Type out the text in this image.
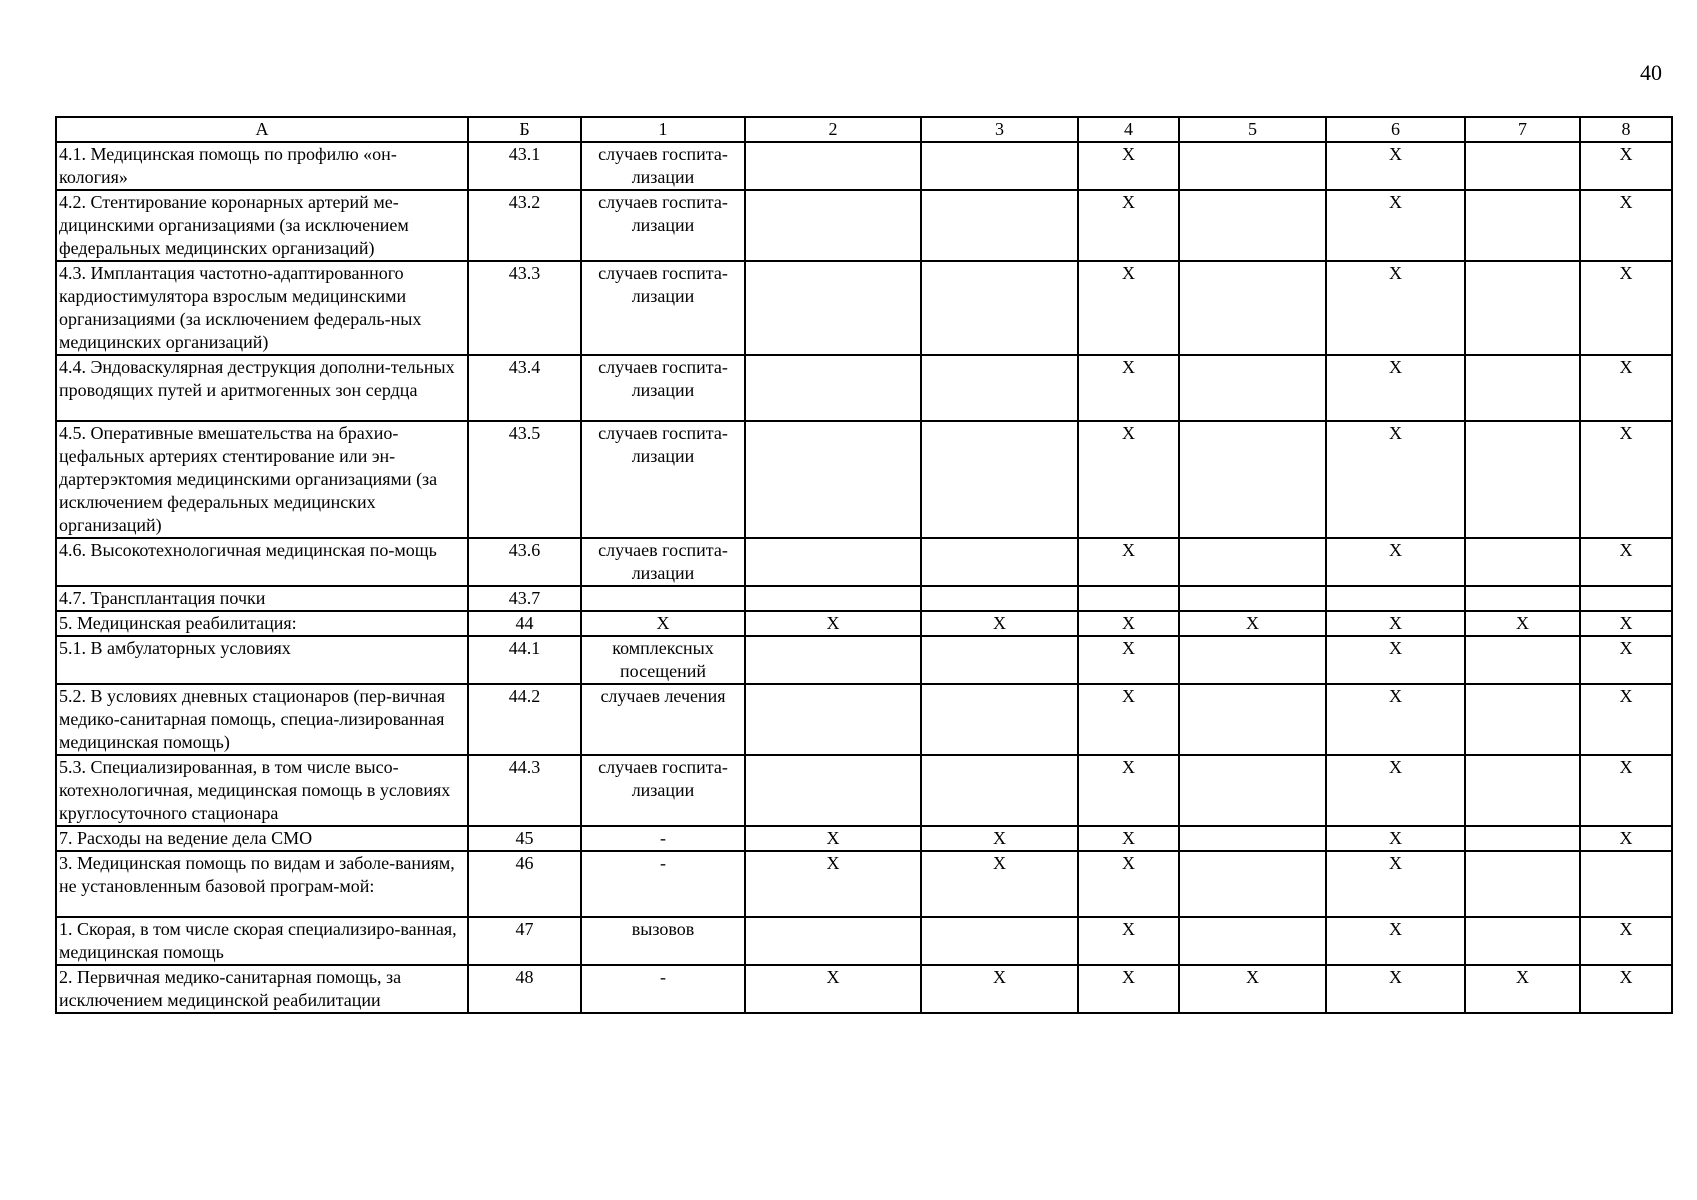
40
А	Б	1	2	3	4	5	6	7	8
4.1. Медицинская помощь по профилю «он-кология»	43.1	случаев госпита-лизации			X		X		X
4.2. Стентирование коронарных артерий ме-дицинскими организациями (за исключением федеральных медицинских организаций)	43.2	случаев госпита-лизации			X		X		X
4.3. Имплантация частотно-адаптированного кардиостимулятора взрослым медицинскими организациями (за исключением федераль-ных медицинских организаций)	43.3	случаев госпита-лизации			X		X		X
4.4. Эндоваскулярная деструкция дополни-тельных проводящих путей и аритмогенных зон сердца	43.4	случаев госпита-лизации			X		X		X
4.5. Оперативные вмешательства на брахио-цефальных артериях стентирование или эн-дартерэктомия медицинскими организациями (за исключением федеральных медицинских организаций)	43.5	случаев госпита-лизации			X		X		X
4.6. Высокотехнологичная медицинская по-мощь	43.6	случаев госпита-лизации			X		X		X
4.7. Трансплантация почки	43.7								
5. Медицинская реабилитация:	44	X	X	X	X	X	X	X	X
5.1. В амбулаторных условиях	44.1	комплексных посещений			X		X		X
5.2. В условиях дневных стационаров (пер-вичная медико-санитарная помощь, специа-лизированная медицинская помощь)	44.2	случаев лечения			X		X		X
5.3. Специализированная, в том числе высо-котехнологичная, медицинская помощь в условиях круглосуточного стационара	44.3	случаев госпита-лизации			X		X		X
7. Расходы на ведение дела СМО	45	-	X	X	X		X		X
3. Медицинская помощь по видам и заболе-ваниям, не установленным базовой програм-мой:	46	-	X	X	X		X		
1. Скорая, в том числе скорая специализиро-ванная, медицинская помощь	47	вызовов			X		X		X
2. Первичная медико-санитарная помощь, за исключением медицинской реабилитации	48	-	X	X	X	X	X	X	X
